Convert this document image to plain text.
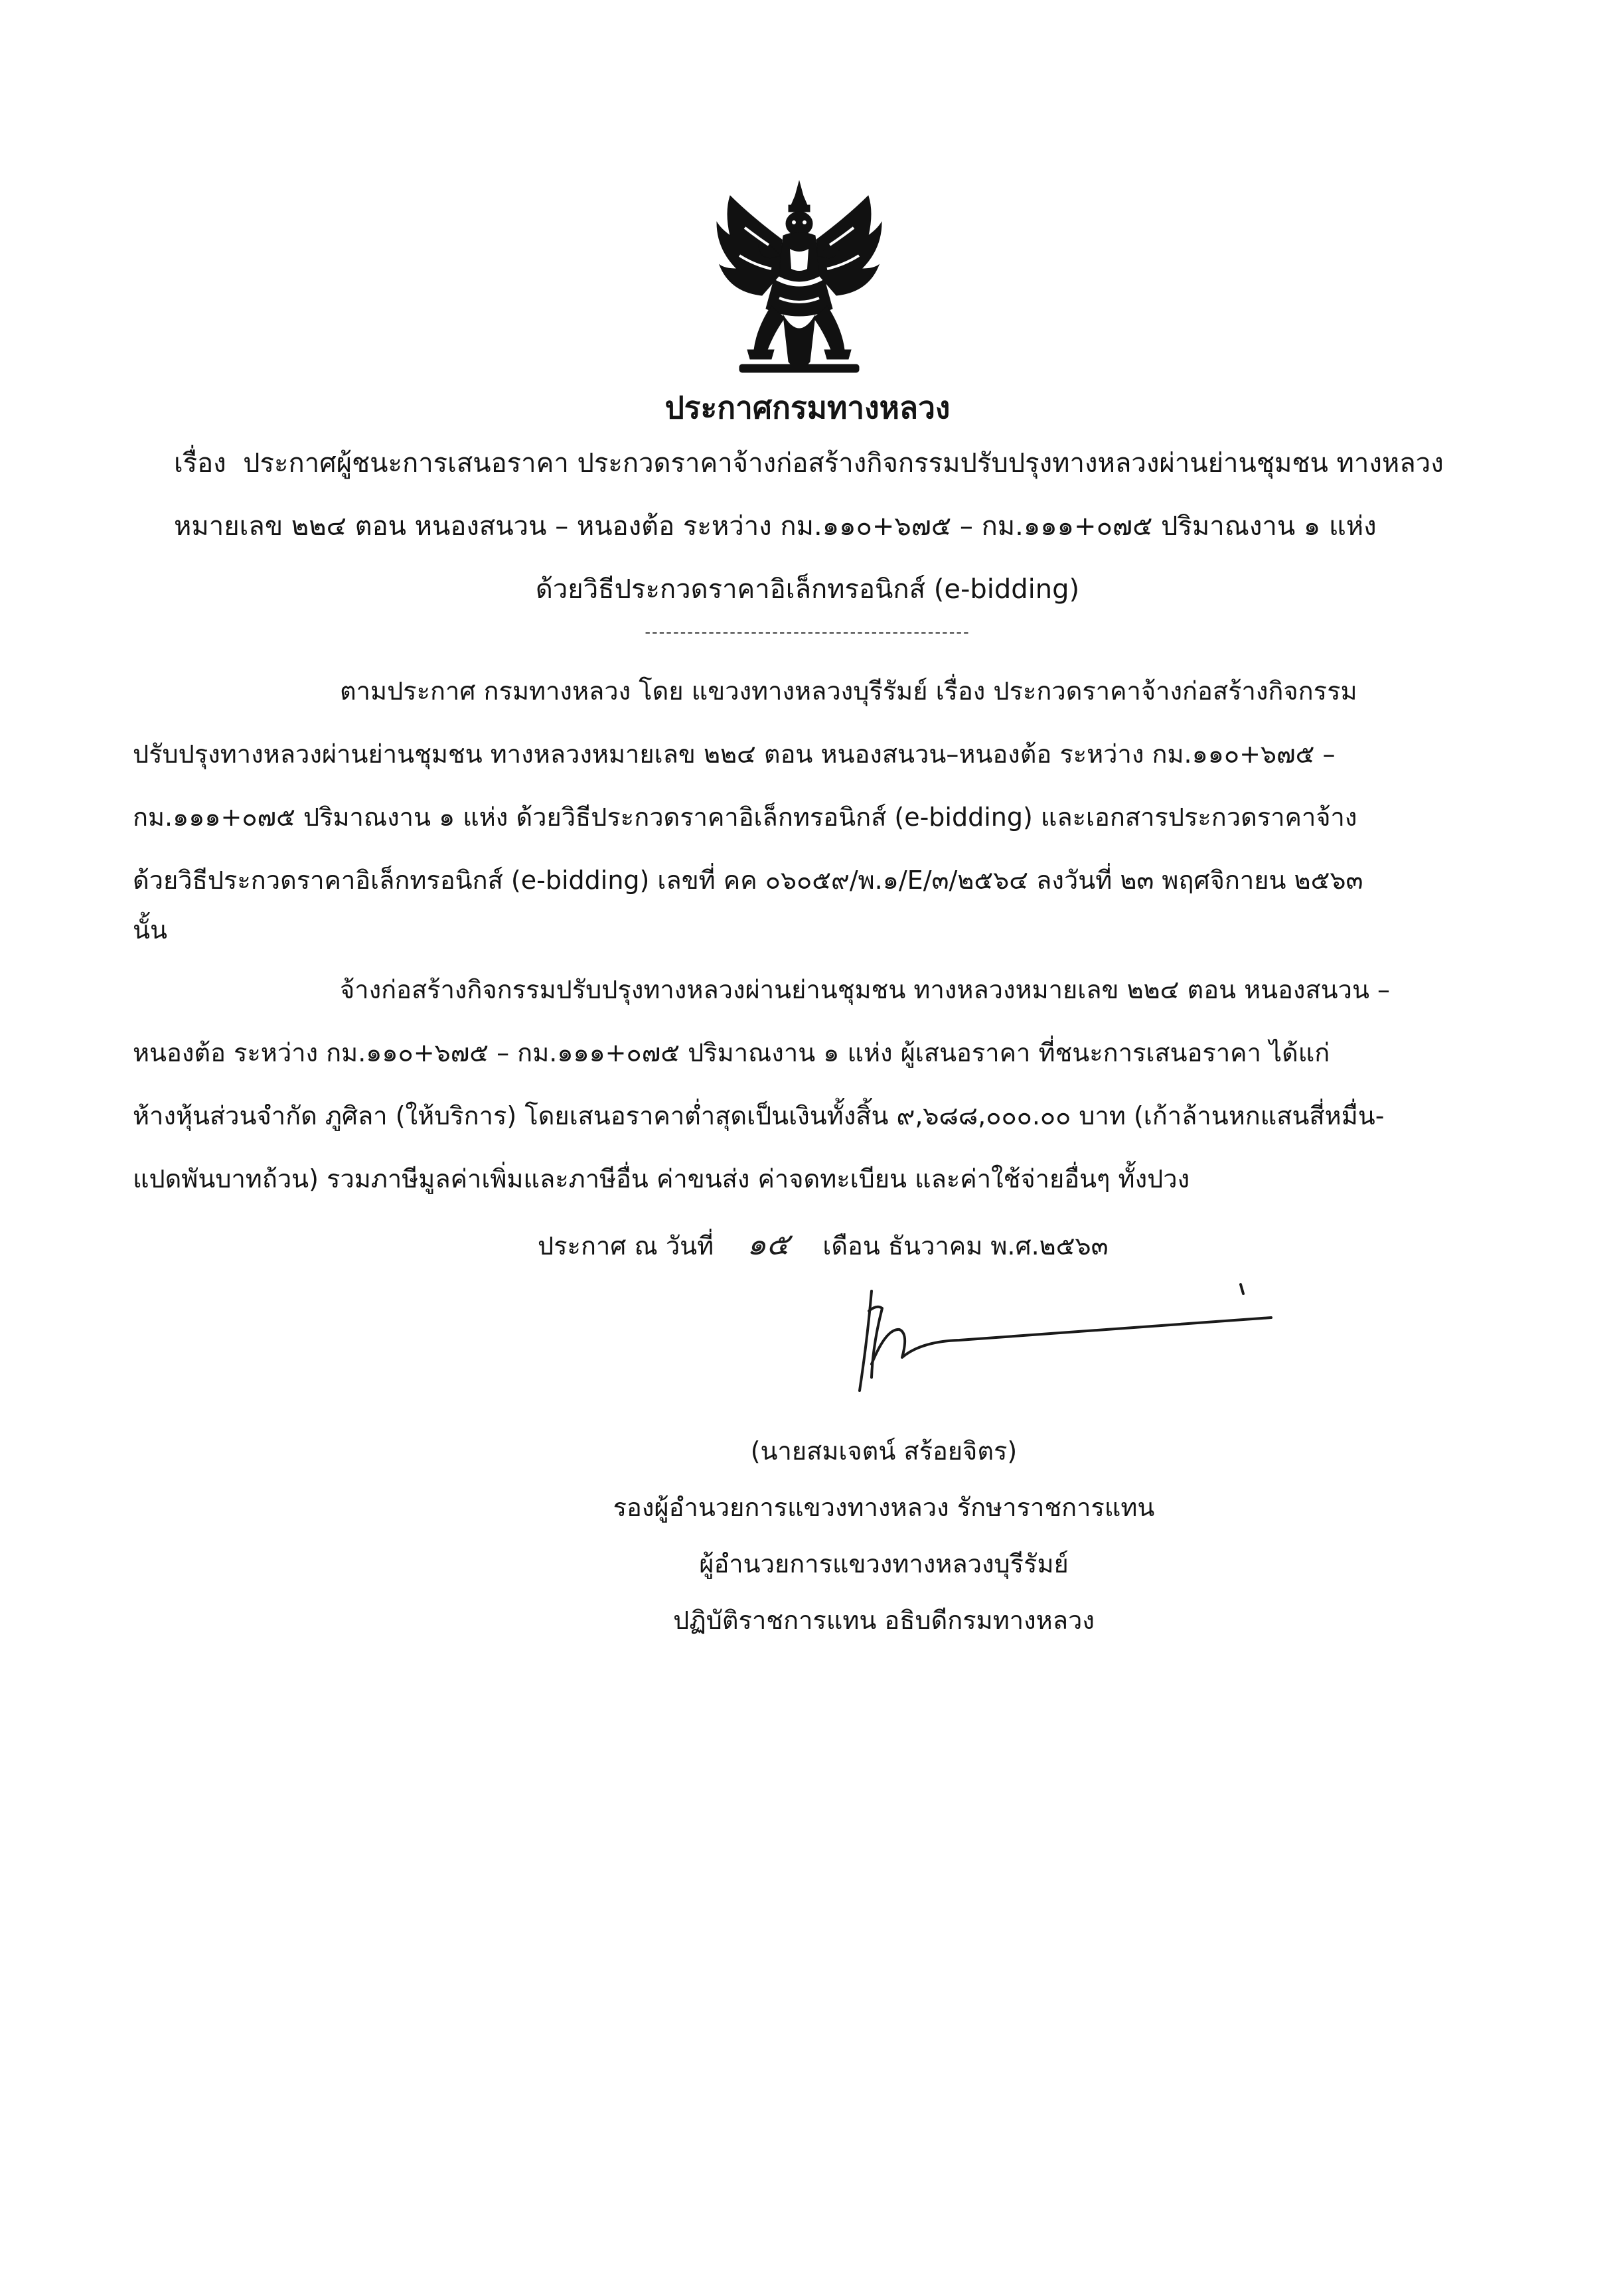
ประกาศกรมทางหลวง
เรื่อง ประกาศผู้ชนะการเสนอราคา ประกวดราคาจ้างก่อสร้างกิจกรรมปรับปรุงทางหลวงผ่านย่านชุมชน ทางหลวง
หมายเลข ๒๒๔ ตอน หนองสนวน – หนองต้อ ระหว่าง กม.๑๑๐+๖๗๕ – กม.๑๑๑+๐๗๕ ปริมาณงาน ๑ แห่ง
ด้วยวิธีประกวดราคาอิเล็กทรอนิกส์ (e-bidding)
----------------------------------------------
ตามประกาศ กรมทางหลวง โดย แขวงทางหลวงบุรีรัมย์ เรื่อง ประกวดราคาจ้างก่อสร้างกิจกรรม
ปรับปรุงทางหลวงผ่านย่านชุมชน ทางหลวงหมายเลข ๒๒๔ ตอน หนองสนวน–หนองต้อ ระหว่าง กม.๑๑๐+๖๗๕ –
กม.๑๑๑+๐๗๕ ปริมาณงาน ๑ แห่ง ด้วยวิธีประกวดราคาอิเล็กทรอนิกส์ (e-bidding) และเอกสารประกวดราคาจ้าง
ด้วยวิธีประกวดราคาอิเล็กทรอนิกส์ (e-bidding) เลขที่ คค ๐๖๐๕๙/พ.๑/E/๓/๒๕๖๔ ลงวันที่ ๒๓ พฤศจิกายน ๒๕๖๓
นั้น
จ้างก่อสร้างกิจกรรมปรับปรุงทางหลวงผ่านย่านชุมชน ทางหลวงหมายเลข ๒๒๔ ตอน หนองสนวน –
หนองต้อ ระหว่าง กม.๑๑๐+๖๗๕ – กม.๑๑๑+๐๗๕ ปริมาณงาน ๑ แห่ง ผู้เสนอราคา ที่ชนะการเสนอราคา ได้แก่
ห้างหุ้นส่วนจำกัด ภูศิลา (ให้บริการ) โดยเสนอราคาต่ำสุดเป็นเงินทั้งสิ้น ๙,๖๘๘,๐๐๐.๐๐ บาท (เก้าล้านหกแสนสี่หมื่น-
แปดพันบาทถ้วน) รวมภาษีมูลค่าเพิ่มและภาษีอื่น ค่าขนส่ง ค่าจดทะเบียน และค่าใช้จ่ายอื่นๆ ทั้งปวง
ประกาศ ณ วันที่ ๑๕ เดือน ธันวาคม พ.ศ.๒๕๖๓
(นายสมเจตน์ สร้อยจิตร)
รองผู้อำนวยการแขวงทางหลวง รักษาราชการแทน
ผู้อำนวยการแขวงทางหลวงบุรีรัมย์
ปฏิบัติราชการแทน อธิบดีกรมทางหลวง
